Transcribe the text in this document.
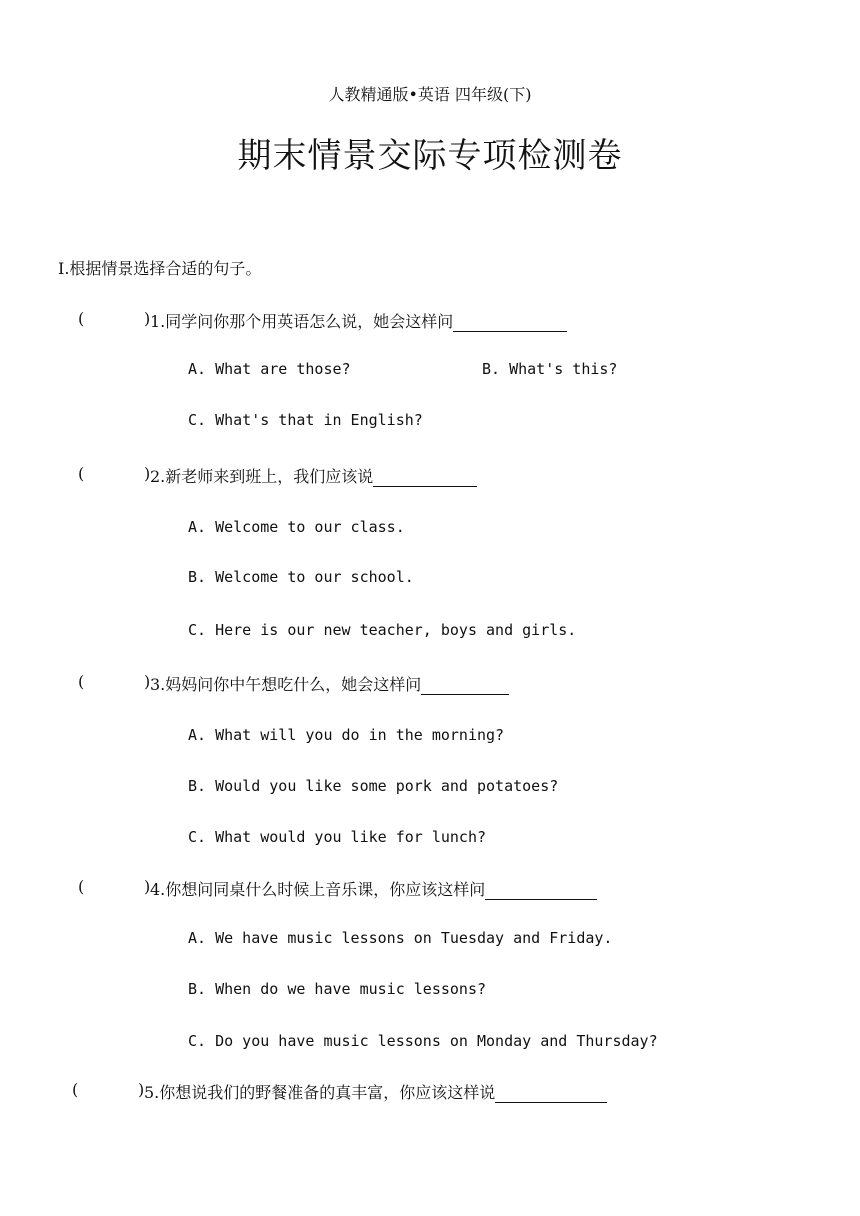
人教精通版•英语 四年级(下)
期末情景交际专项检测卷
Ⅰ.根据情景选择合适的句子。
(	) 1.同学问你那个用英语怎么说，她会这样问
A. What are those?	B. What's this?
C. What's that in English?
(	) 2.新老师来到班上，我们应该说
A. Welcome to our class.
B. Welcome to our school.
C. Here is our new teacher, boys and girls.
(	) 3.妈妈问你中午想吃什么，她会这样问
A. What will you do in the morning?
B. Would you like some pork and potatoes?
C. What would you like for lunch?
(	) 4.你想问同桌什么时候上音乐课，你应该这样问
A. We have music lessons on Tuesday and Friday.
B. When do we have music lessons?
C. Do you have music lessons on Monday and Thursday?
(	) 5.你想说我们的野餐准备的真丰富，你应该这样说
